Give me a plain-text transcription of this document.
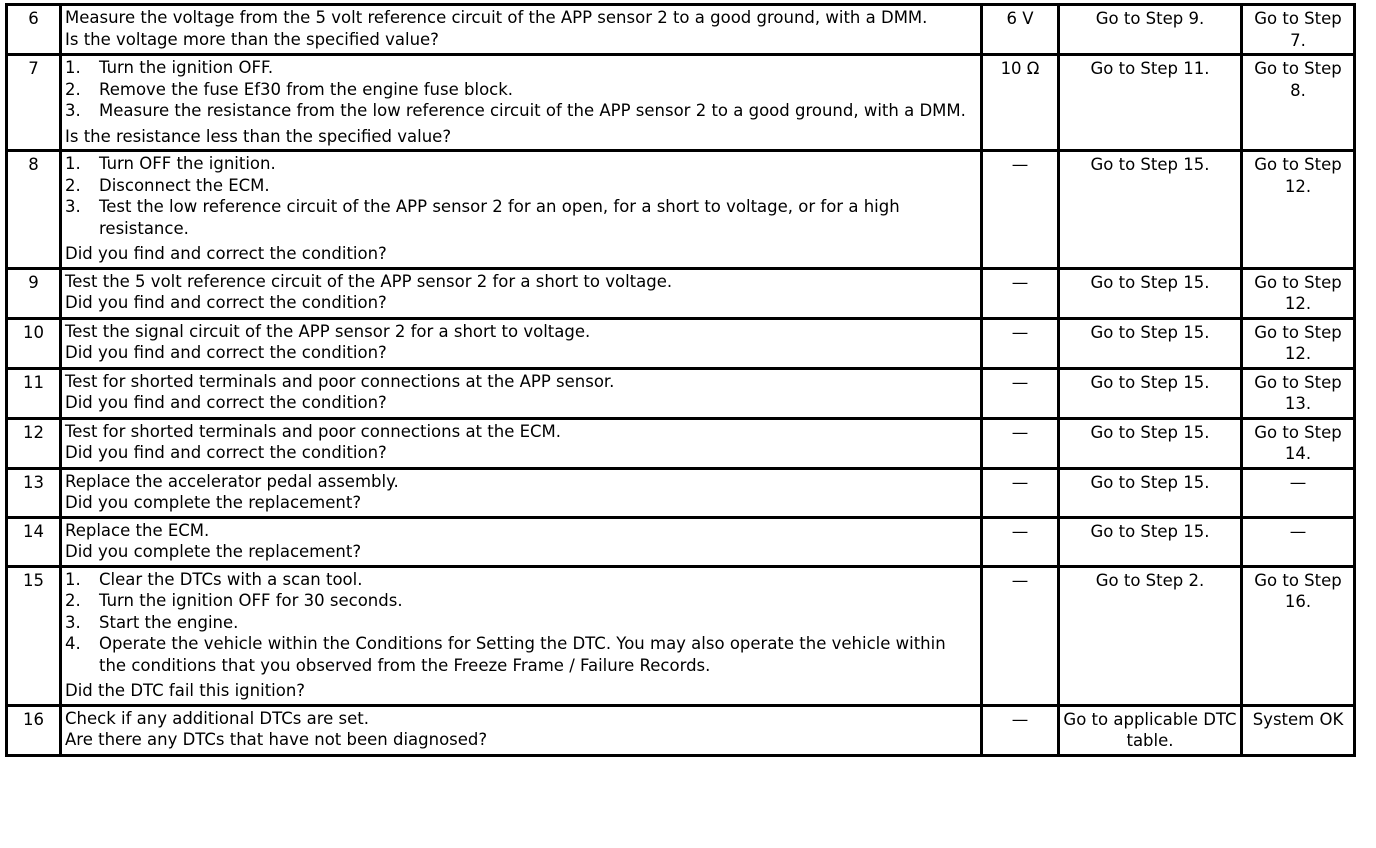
6	Measure the voltage from the 5 volt reference circuit of the APP sensor 2 to a good ground, with a DMM.
Is the voltage more than the specified value?	6 V	Go to Step 9.	Go to Step 7.
7	1. Turn the ignition OFF.
2. Remove the fuse Ef30 from the engine fuse block.
3. Measure the resistance from the low reference circuit of the APP sensor 2 to a good ground, with a DMM.
Is the resistance less than the specified value?	10 Ω	Go to Step 11.	Go to Step 8.
8	1. Turn OFF the ignition.
2. Disconnect the ECM.
3. Test the low reference circuit of the APP sensor 2 for an open, for a short to voltage, or for a high resistance.
Did you find and correct the condition?	—	Go to Step 15.	Go to Step 12.
9	Test the 5 volt reference circuit of the APP sensor 2 for a short to voltage.
Did you find and correct the condition?	—	Go to Step 15.	Go to Step 12.
10	Test the signal circuit of the APP sensor 2 for a short to voltage.
Did you find and correct the condition?	—	Go to Step 15.	Go to Step 12.
11	Test for shorted terminals and poor connections at the APP sensor.
Did you find and correct the condition?	—	Go to Step 15.	Go to Step 13.
12	Test for shorted terminals and poor connections at the ECM.
Did you find and correct the condition?	—	Go to Step 15.	Go to Step 14.
13	Replace the accelerator pedal assembly.
Did you complete the replacement?	—	Go to Step 15.	—
14	Replace the ECM.
Did you complete the replacement?	—	Go to Step 15.	—
15	1. Clear the DTCs with a scan tool.
2. Turn the ignition OFF for 30 seconds.
3. Start the engine.
4. Operate the vehicle within the Conditions for Setting the DTC. You may also operate the vehicle within the conditions that you observed from the Freeze Frame / Failure Records.
Did the DTC fail this ignition?	—	Go to Step 2.	Go to Step 16.
16	Check if any additional DTCs are set.
Are there any DTCs that have not been diagnosed?	—	Go to applicable DTC table.	System OK
